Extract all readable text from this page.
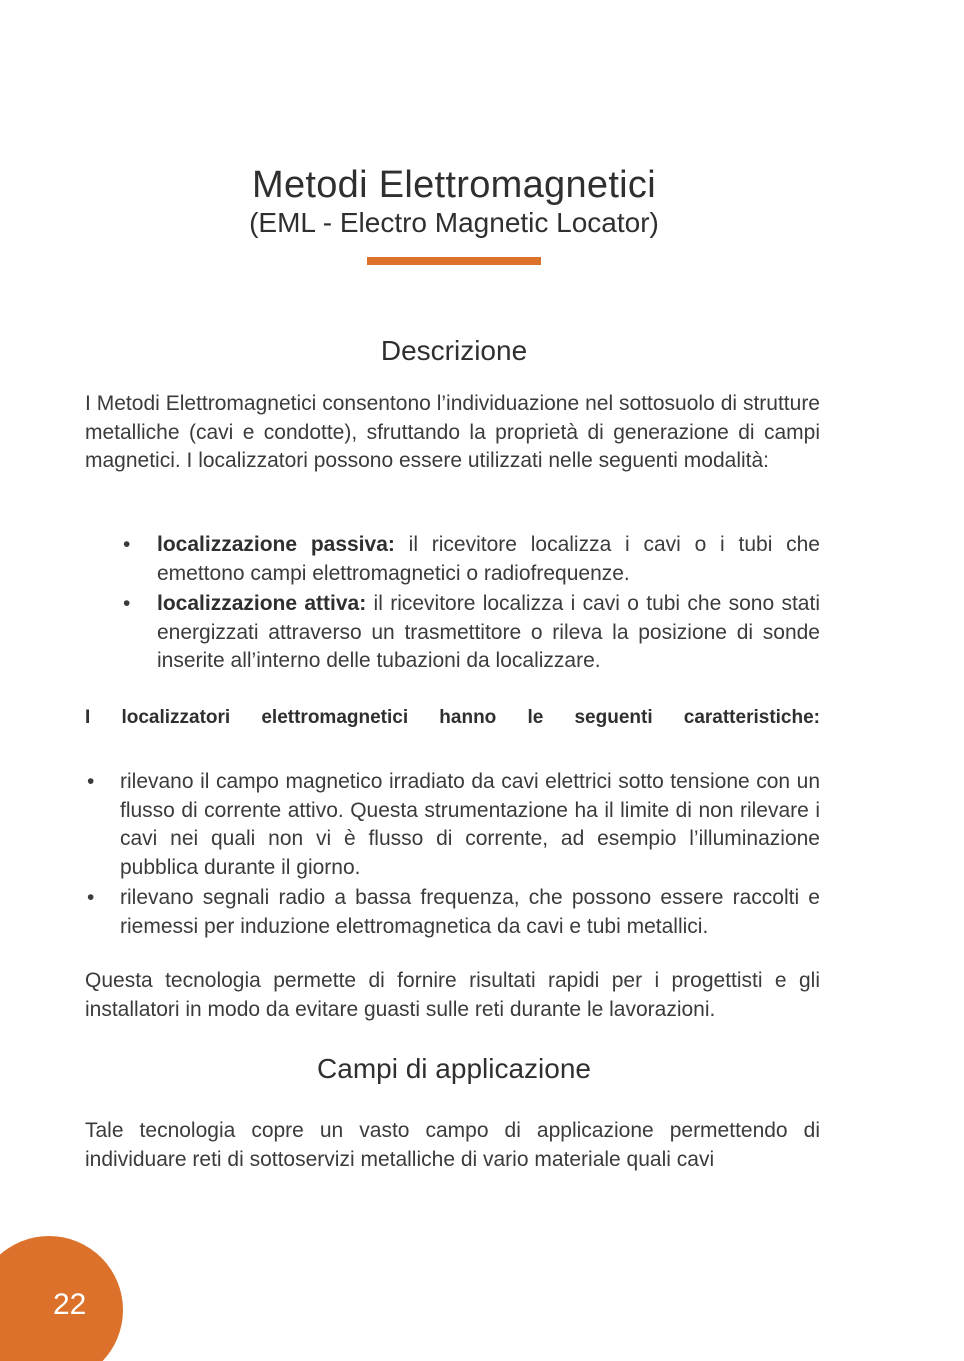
Metodi Elettromagnetici
(EML - Electro Magnetic Locator)
Descrizione
I Metodi Elettromagnetici consentono l’individuazione nel sottosuolo di strutture metalliche (cavi e condotte), sfruttando la proprietà di generazione di campi magnetici. I localizzatori possono essere utilizzati nelle seguenti modalità:
• localizzazione passiva: il ricevitore localizza i cavi o i tubi che emettono campi elettromagnetici o radiofrequenze.
• localizzazione attiva: il ricevitore localizza i cavi o tubi che sono stati energizzati attraverso un trasmettitore o rileva la posizione di sonde inserite all’interno delle tubazioni da localizzare.
I localizzatori elettromagnetici hanno le seguenti caratteristiche:
• rilevano il campo magnetico irradiato da cavi elettrici sotto tensione con un flusso di corrente attivo. Questa strumentazione ha il limite di non rilevare i cavi nei quali non vi è flusso di corrente, ad esempio l’illuminazione pubblica durante il giorno.
• rilevano segnali radio a bassa frequenza, che possono essere raccolti e riemessi per induzione elettromagnetica da cavi e tubi metallici.
Questa tecnologia permette di fornire risultati rapidi per i progettisti e gli installatori in modo da evitare guasti sulle reti durante le lavorazioni.
Campi di applicazione
Tale tecnologia copre un vasto campo di applicazione permettendo di individuare reti di sottoservizi metalliche di vario materiale quali cavi
22
